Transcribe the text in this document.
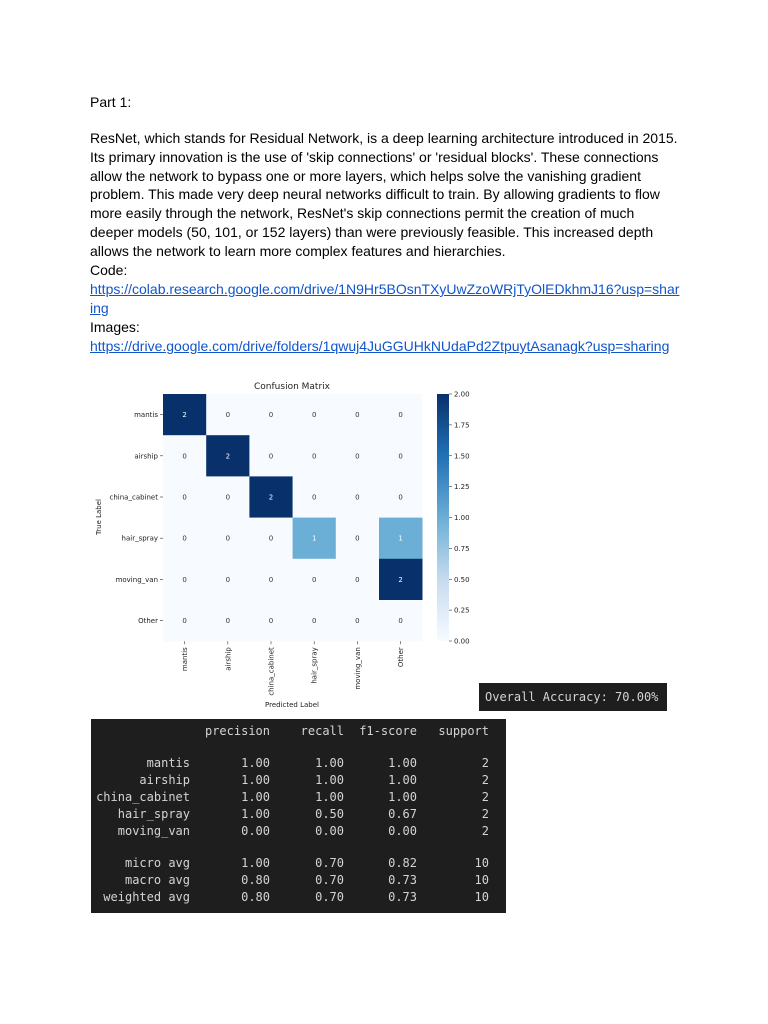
Part 1:

ResNet, which stands for Residual Network, is a deep learning architecture introduced in 2015. Its primary innovation is the use of 'skip connections' or 'residual blocks'. These connections allow the network to bypass one or more layers, which helps solve the vanishing gradient problem. This made very deep neural networks difficult to train. By allowing gradients to flow more easily through the network, ResNet's skip connections permit the creation of much deeper models (50, 101, or 152 layers) than were previously feasible. This increased depth allows the network to learn more complex features and hierarchies.

Code:

https://colab.research.google.com/drive/1N9Hr5BOsnTXyUwZzoWRjTyOlEDkhmJ16?usp=sharing

Images:

https://drive.google.com/drive/folders/1qwuj4JuGGUHkNUdaPd2ZtpuytAsanagk?usp=sharing

Confusion Matrix
2	0	0	0	0	0
0	2	0	0	0	0
0	0	2	0	0	0
0	0	0	1	0	1
0	0	0	0	0	2
0	0	0	0	0	0
mantis
airship
china_cabinet
hair_spray
moving_van
Other
mantis	airship	china_cabinet	hair_spray	moving_van	Other
True Label
Predicted Label
2.00
1.75
1.50
1.25
1.00
0.75
0.50
0.25
0.00
Overall Accuracy: 70.00%
	precision	recall	f1-score	support

mantis	1.00	1.00	1.00	2
airship	1.00	1.00	1.00	2
china_cabinet	1.00	1.00	1.00	2
hair_spray	1.00	0.50	0.67	2
moving_van	0.00	0.00	0.00	2

micro avg	1.00	0.70	0.82	10
macro avg	0.80	0.70	0.73	10
weighted avg	0.80	0.70	0.73	10
